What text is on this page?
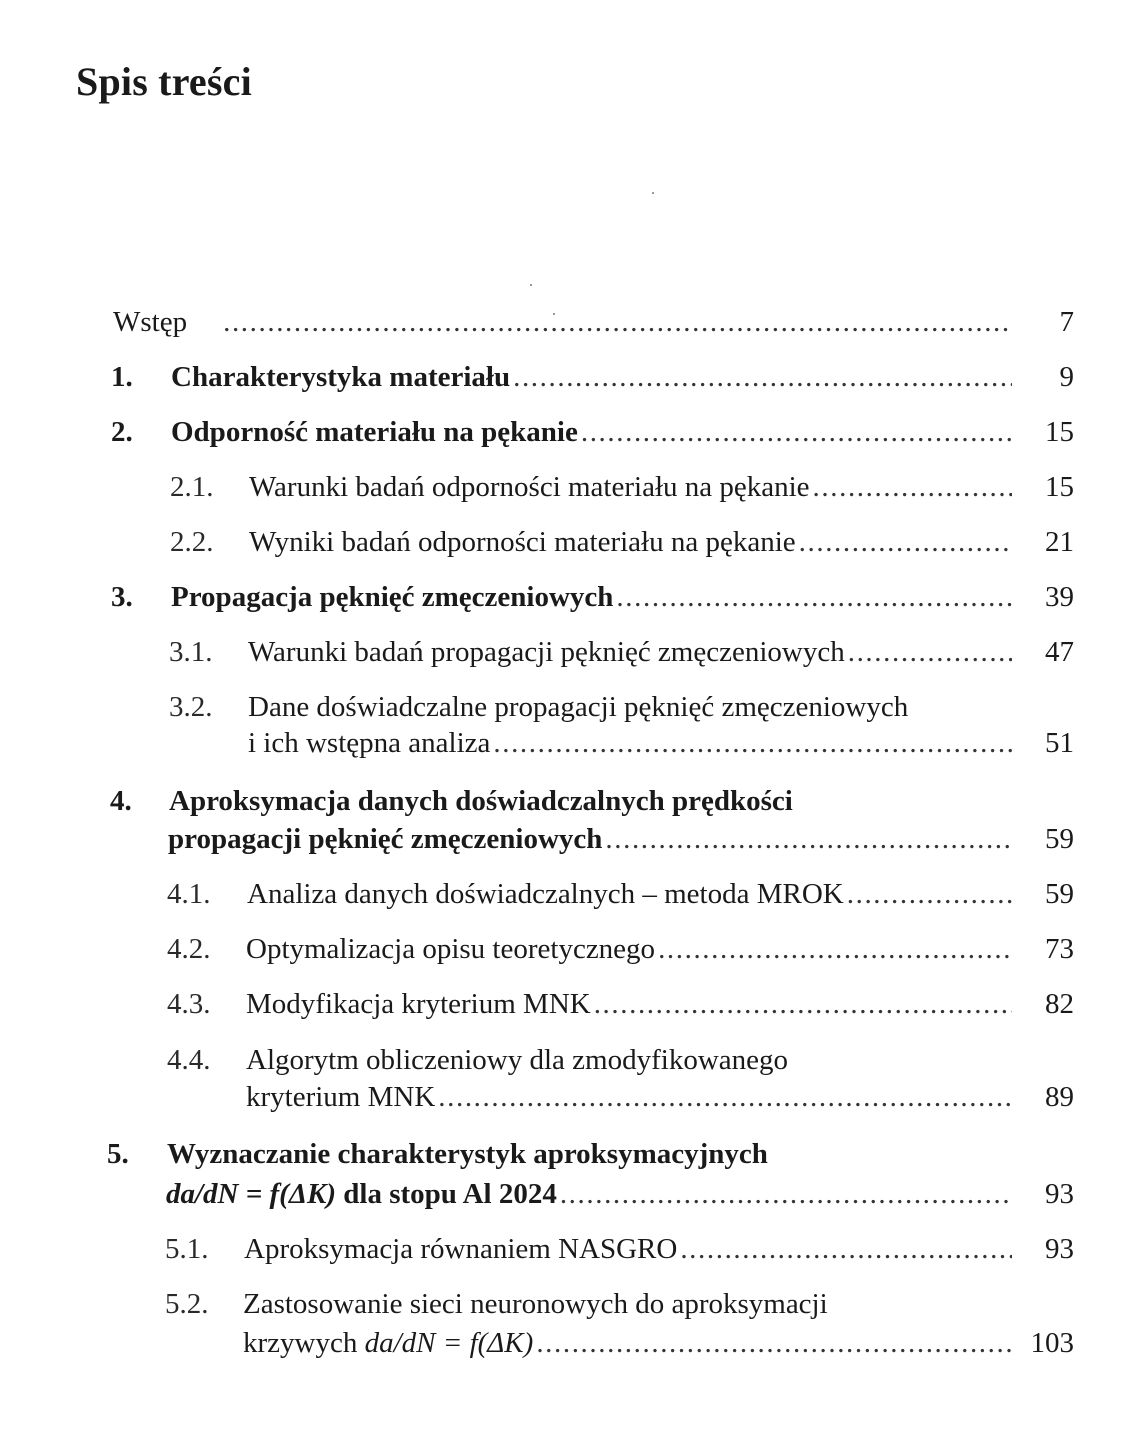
Spis treści
Wstęp .....	7
1. Charakterystyka materiału .....	9
2. Odporność materiału na pękanie .....	15
2.1. Warunki badań odporności materiału na pękanie .....	15
2.2. Wyniki badań odporności materiału na pękanie .....	21
3. Propagacja pęknięć zmęczeniowych .....	39
3.1. Warunki badań propagacji pęknięć zmęczeniowych .....	47
3.2. Dane doświadczalne propagacji pęknięć zmęczeniowych
i ich wstępna analiza .....	51
4. Aproksymacja danych doświadczalnych prędkości
propagacji pęknięć zmęczeniowych .....	59
4.1. Analiza danych doświadczalnych – metoda MROK .....	59
4.2. Optymalizacja opisu teoretycznego .....	73
4.3. Modyfikacja kryterium MNK .....	82
4.4. Algorytm obliczeniowy dla zmodyfikowanego
kryterium MNK .....	89
5. Wyznaczanie charakterystyk aproksymacyjnych
da/dN = f(ΔK) dla stopu Al 2024 .....	93
5.1. Aproksymacja równaniem NASGRO .....	93
5.2. Zastosowanie sieci neuronowych do aproksymacji
krzywych da/dN = f(ΔK) .....	103
